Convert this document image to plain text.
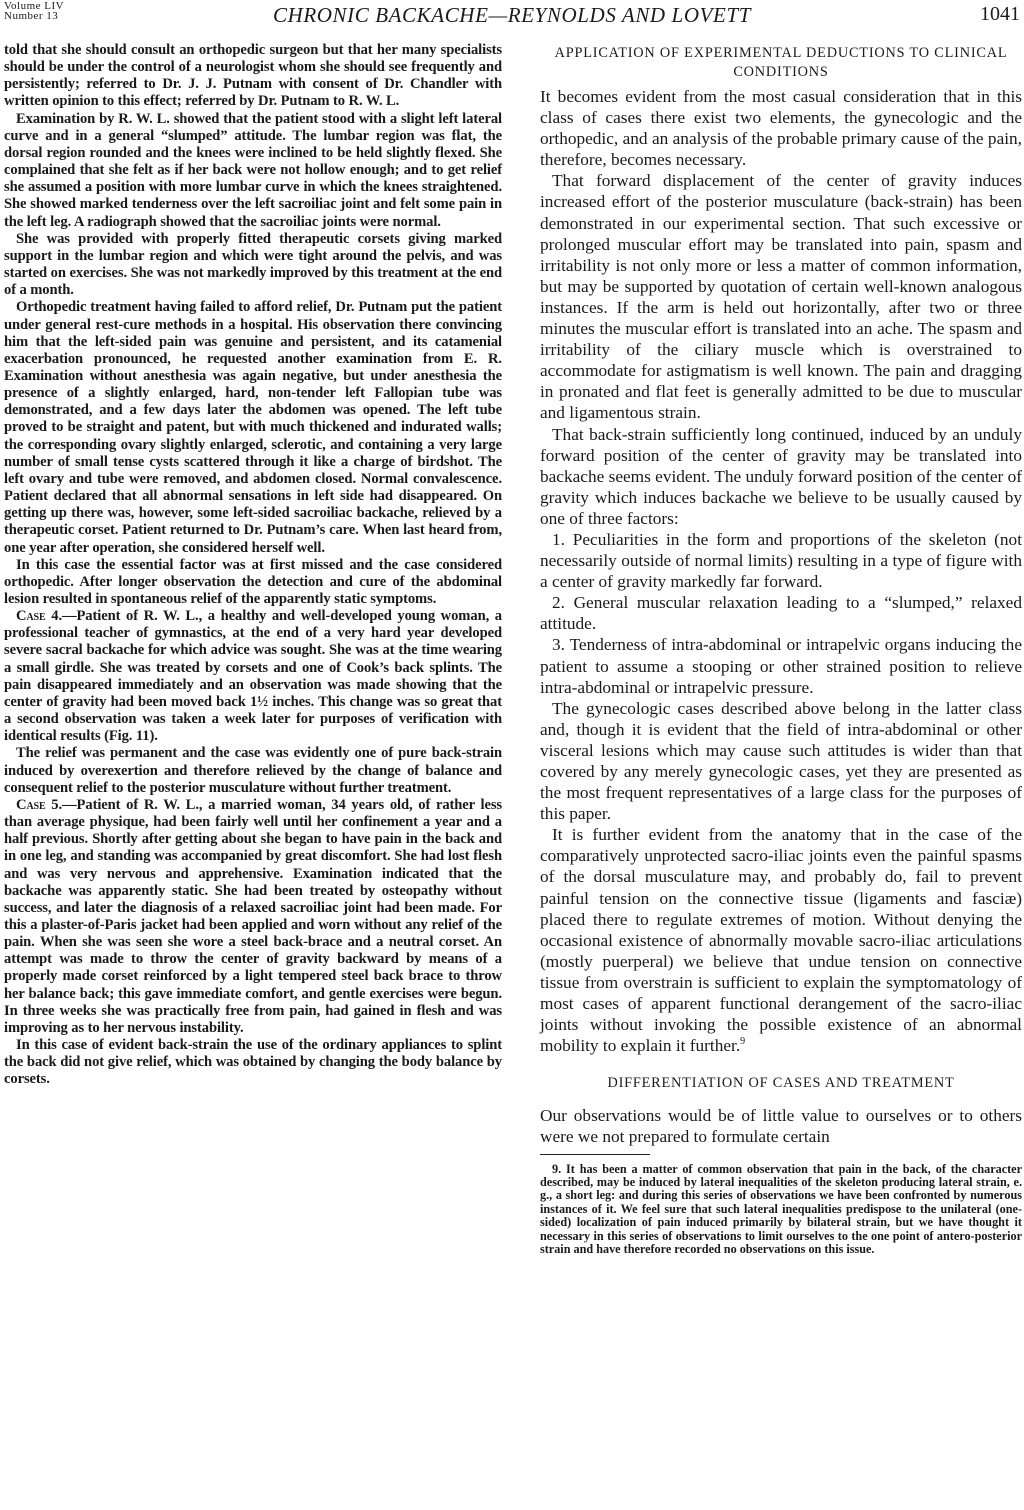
Volume LIV
Number 13	CHRONIC BACKACHE—REYNOLDS AND LOVETT	1041

told that she should consult an orthopedic surgeon but that her many specialists should be under the control of a neurologist whom she should see frequently and persistently; referred to Dr. J. J. Putnam with consent of Dr. Chandler with written opinion to this effect; referred by Dr. Putnam to R. W. L.

Examination by R. W. L. showed that the patient stood with a slight left lateral curve and in a general “slumped” attitude. The lumbar region was flat, the dorsal region rounded and the knees were inclined to be held slightly flexed. She complained that she felt as if her back were not hollow enough; and to get relief she assumed a position with more lumbar curve in which the knees straightened. She showed marked tenderness over the left sacroiliac joint and felt some pain in the left leg. A radiograph showed that the sacroiliac joints were normal.

She was provided with properly fitted therapeutic corsets giving marked support in the lumbar region and which were tight around the pelvis, and was started on exercises. She was not markedly improved by this treatment at the end of a month.

Orthopedic treatment having failed to afford relief, Dr. Putnam put the patient under general rest-cure methods in a hospital. His observation there convincing him that the left-sided pain was genuine and persistent, and its catamenial exacerbation pronounced, he requested another examination from E. R. Examination without anesthesia was again negative, but under anesthesia the presence of a slightly enlarged, hard, non-tender left Fallopian tube was demonstrated, and a few days later the abdomen was opened. The left tube proved to be straight and patent, but with much thickened and indurated walls; the corresponding ovary slightly enlarged, sclerotic, and containing a very large number of small tense cysts scattered through it like a charge of birdshot. The left ovary and tube were removed, and abdomen closed. Normal convalescence. Patient declared that all abnormal sensations in left side had disappeared. On getting up there was, however, some left-sided sacroiliac backache, relieved by a therapeutic corset. Patient returned to Dr. Putnam’s care. When last heard from, one year after operation, she considered herself well.

In this case the essential factor was at first missed and the case considered orthopedic. After longer observation the detection and cure of the abdominal lesion resulted in spontaneous relief of the apparently static symptoms.

Case 4.—Patient of R. W. L., a healthy and well-developed young woman, a professional teacher of gymnastics, at the end of a very hard year developed severe sacral backache for which advice was sought. She was at the time wearing a small girdle. She was treated by corsets and one of Cook’s back splints. The pain disappeared immediately and an observation was made showing that the center of gravity had been moved back 1½ inches. This change was so great that a second observation was taken a week later for purposes of verification with identical results (Fig. 11).

The relief was permanent and the case was evidently one of pure back-strain induced by overexertion and therefore relieved by the change of balance and consequent relief to the posterior musculature without further treatment.

Case 5.—Patient of R. W. L., a married woman, 34 years old, of rather less than average physique, had been fairly well until her confinement a year and a half previous. Shortly after getting about she began to have pain in the back and in one leg, and standing was accompanied by great discomfort. She had lost flesh and was very nervous and apprehensive. Examination indicated that the backache was apparently static. She had been treated by osteopathy without success, and later the diagnosis of a relaxed sacroiliac joint had been made. For this a plaster-of-Paris jacket had been applied and worn without any relief of the pain. When she was seen she wore a steel back-brace and a neutral corset. An attempt was made to throw the center of gravity backward by means of a properly made corset reinforced by a light tempered steel back brace to throw her balance back; this gave immediate comfort, and gentle exercises were begun. In three weeks she was practically free from pain, had gained in flesh and was improving as to her nervous instability.

In this case of evident back-strain the use of the ordinary appliances to splint the back did not give relief, which was obtained by changing the body balance by corsets.

APPLICATION OF EXPERIMENTAL DEDUCTIONS TO CLINICAL CONDITIONS

It becomes evident from the most casual consideration that in this class of cases there exist two elements, the gynecologic and the orthopedic, and an analysis of the probable primary cause of the pain, therefore, becomes necessary.

That forward displacement of the center of gravity induces increased effort of the posterior musculature (back-strain) has been demonstrated in our experimental section. That such excessive or prolonged muscular effort may be translated into pain, spasm and irritability is not only more or less a matter of common information, but may be supported by quotation of certain well-known analogous instances. If the arm is held out horizontally, after two or three minutes the muscular effort is translated into an ache. The spasm and irritability of the ciliary muscle which is overstrained to accommodate for astigmatism is well known. The pain and dragging in pronated and flat feet is generally admitted to be due to muscular and ligamentous strain.

That back-strain sufficiently long continued, induced by an unduly forward position of the center of gravity may be translated into backache seems evident. The unduly forward position of the center of gravity which induces backache we believe to be usually caused by one of three factors:

1. Peculiarities in the form and proportions of the skeleton (not necessarily outside of normal limits) resulting in a type of figure with a center of gravity markedly far forward.

2. General muscular relaxation leading to a “slumped,” relaxed attitude.

3. Tenderness of intra-abdominal or intrapelvic organs inducing the patient to assume a stooping or other strained position to relieve intra-abdominal or intrapelvic pressure.

The gynecologic cases described above belong in the latter class and, though it is evident that the field of intra-abdominal or other visceral lesions which may cause such attitudes is wider than that covered by any merely gynecologic cases, yet they are presented as the most frequent representatives of a large class for the purposes of this paper.

It is further evident from the anatomy that in the case of the comparatively unprotected sacro-iliac joints even the painful spasms of the dorsal musculature may, and probably do, fail to prevent painful tension on the connective tissue (ligaments and fasciæ) placed there to regulate extremes of motion. Without denying the occasional existence of abnormally movable sacro-iliac articulations (mostly puerperal) we believe that undue tension on connective tissue from overstrain is sufficient to explain the symptomatology of most cases of apparent functional derangement of the sacro-iliac joints without invoking the possible existence of an abnormal mobility to explain it further.$^9$

DIFFERENTIATION OF CASES AND TREATMENT

Our observations would be of little value to ourselves or to others were we not prepared to formulate certain

9. It has been a matter of common observation that pain in the back, of the character described, may be induced by lateral inequalities of the skeleton producing lateral strain, e. g., a short leg: and during this series of observations we have been confronted by numerous instances of it. We feel sure that such lateral inequalities predispose to the unilateral (one-sided) localization of pain induced primarily by bilateral strain, but we have thought it necessary in this series of observations to limit ourselves to the one point of antero-posterior strain and have therefore recorded no observations on this issue.
